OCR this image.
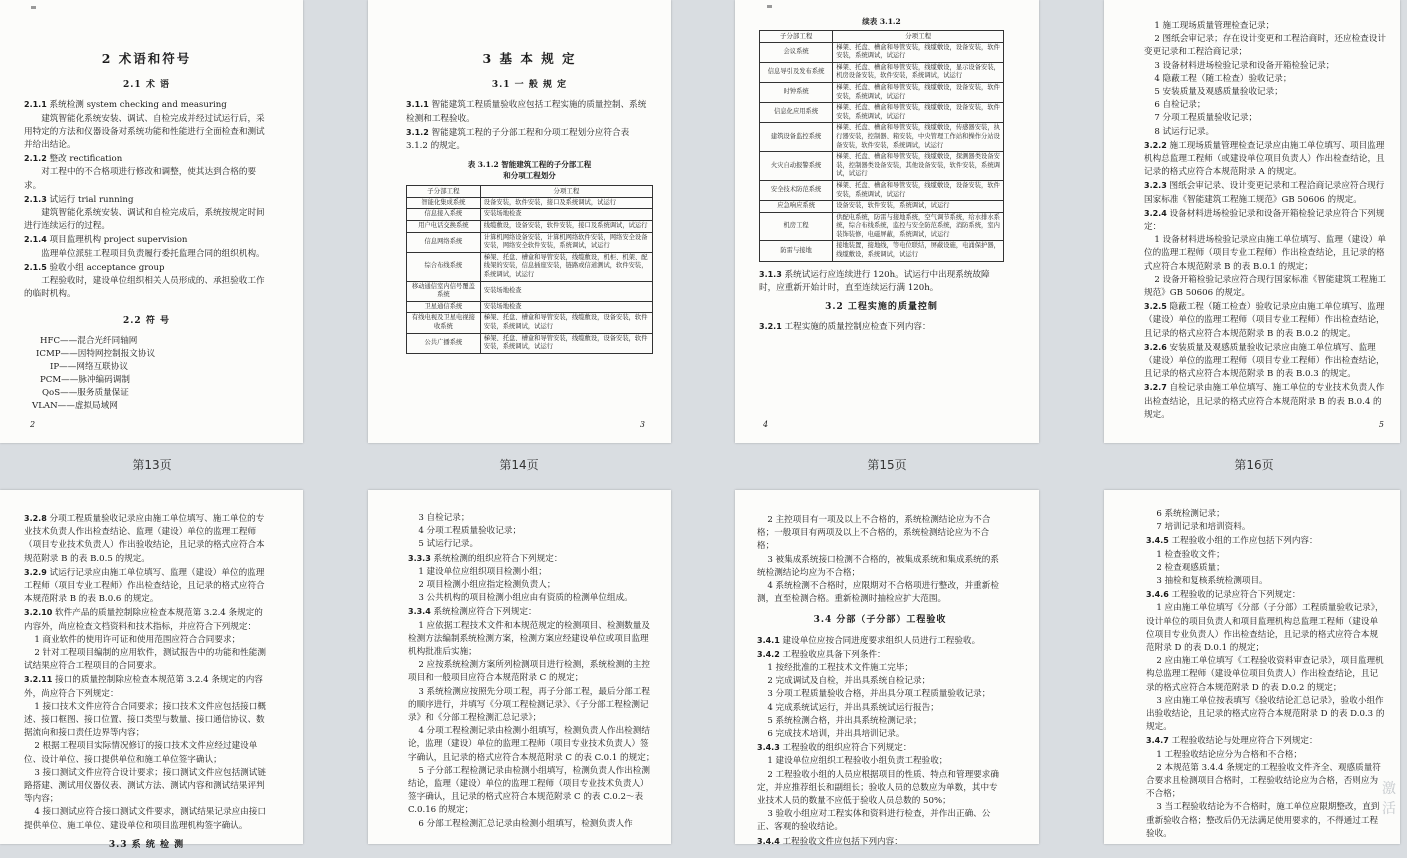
2 术语和符号
2.1 术 语
2.1.1 系统检测 system checking and measuring
建筑智能化系统安装、调试、自检完成并经过试运行后，采用特定的方法和仪器设备对系统功能和性能进行全面检查和测试并给出结论。
2.1.2 整改 rectification
对工程中的不合格项进行修改和调整，使其达到合格的要求。
2.1.3 试运行 trial running
建筑智能化系统安装、调试和自检完成后，系统按规定时间进行连续运行的过程。
2.1.4 项目监理机构 project supervision
监理单位派驻工程项目负责履行委托监理合同的组织机构。
2.1.5 验收小组 acceptance group
工程验收时，建设单位组织相关人员形成的、承担验收工作的临时机构。
2.2 符 号
HFC——混合光纤同轴网
ICMP——因特网控制报文协议
IP——网络互联协议
PCM——脉冲编码调制
QoS——服务质量保证
VLAN——虚拟局域网
2
3 基 本 规 定
3.1 一 般 规 定
3.1.1 智能建筑工程质量验收应包括工程实施的质量控制、系统检测和工程验收。
3.1.2 智能建筑工程的子分部工程和分项工程划分应符合表 3.1.2 的规定。
表 3.1.2 智能建筑工程的子分部工程
和分项工程划分
子分部工程	分项工程
智能化集成系统	设备安装，软件安装，接口及系统调试，试运行
信息接入系统	安装场地检查
用户电话交换系统	线缆敷设，设备安装，软件安装，接口及系统调试，试运行
信息网络系统	计算机网络设备安装，计算机网络软件安装，网络安全设备安装，网络安全软件安装，系统调试，试运行
综合布线系统	梯架、托盘、槽盒和导管安装，线缆敷设，机柜、机架、配线架的安装，信息插座安装，链路或信道测试，软件安装，系统调试，试运行
移动通信室内信号覆盖系统	安装场地检查
卫星通信系统	安装场地检查
有线电视及卫星电视接收系统	梯架、托盘、槽盒和导管安装，线缆敷设，设备安装，软件安装，系统调试，试运行
公共广播系统	梯架、托盘、槽盒和导管安装，线缆敷设，设备安装，软件安装，系统调试，试运行
3
续表 3.1.2
子分部工程	分项工程
会议系统	梯架、托盘、槽盒和导管安装，线缆敷设，设备安装，软件安装，系统调试，试运行
信息导引及发布系统	梯架、托盘、槽盒和导管安装，线缆敷设，显示设备安装，机房设备安装，软件安装，系统调试，试运行
时钟系统	梯架、托盘、槽盒和导管安装，线缆敷设，设备安装，软件安装，系统调试，试运行
信息化应用系统	梯架、托盘、槽盒和导管安装，线缆敷设，设备安装，软件安装，系统调试，试运行
建筑设备监控系统	梯架、托盘、槽盒和导管安装，线缆敷设，传感器安装，执行器安装，控制器、箱安装，中央管理工作站和操作分站设备安装，软件安装，系统调试，试运行
火灾自动报警系统	梯架、托盘、槽盒和导管安装，线缆敷设，探测器类设备安装，控制器类设备安装，其他设备安装，软件安装，系统调试，试运行
安全技术防范系统	梯架、托盘、槽盒和导管安装，线缆敷设，设备安装，软件安装，系统调试，试运行
应急响应系统	设备安装，软件安装，系统调试，试运行
机房工程	供配电系统，防雷与接地系统，空气调节系统，给水排水系统，综合布线系统，监控与安全防范系统，消防系统，室内装饰装修，电磁屏蔽，系统调试，试运行
防雷与接地	接地装置，接地线，等电位联结，屏蔽设施，电涌保护器，线缆敷设，系统调试，试运行
3.1.3 系统试运行应连续进行 120h。试运行中出现系统故障时，应重新开始计时，直至连续运行满 120h。
3.2 工程实施的质量控制
3.2.1 工程实施的质量控制应检查下列内容：
4
1 施工现场质量管理检查记录；
2 图纸会审记录；存在设计变更和工程洽商时，还应检查设计变更记录和工程洽商记录；
3 设备材料进场检验记录和设备开箱检验记录；
4 隐蔽工程（随工检查）验收记录；
5 安装质量及观感质量验收记录；
6 自检记录；
7 分项工程质量验收记录；
8 试运行记录。
3.2.2 施工现场质量管理检查记录应由施工单位填写、项目监理机构总监理工程师（或建设单位项目负责人）作出检查结论，且记录的格式应符合本规范附录 A 的规定。
3.2.3 图纸会审记录、设计变更记录和工程洽商记录应符合现行国家标准《智能建筑工程施工规范》GB 50606 的规定。
3.2.4 设备材料进场检验记录和设备开箱检验记录应符合下列规定：
1 设备材料进场检验记录应由施工单位填写、监理（建设）单位的监理工程师（项目专业工程师）作出检查结论，且记录的格式应符合本规范附录 B 的表 B.0.1 的规定；
2 设备开箱检验记录应符合现行国家标准《智能建筑工程施工规范》GB 50606 的规定。
3.2.5 隐蔽工程（随工检查）验收记录应由施工单位填写、监理（建设）单位的监理工程师（项目专业工程师）作出检查结论，且记录的格式应符合本规范附录 B 的表 B.0.2 的规定。
3.2.6 安装质量及观感质量验收记录应由施工单位填写、监理（建设）单位的监理工程师（项目专业工程师）作出检查结论，且记录的格式应符合本规范附录 B 的表 B.0.3 的规定。
3.2.7 自检记录由施工单位填写、施工单位的专业技术负责人作出检查结论，且记录的格式应符合本规范附录 B 的表 B.0.4 的规定。
5
第13页	第14页	第15页	第16页
3.2.8 分项工程质量验收记录应由施工单位填写、施工单位的专业技术负责人作出检查结论、监理（建设）单位的监理工程师（项目专业技术负责人）作出验收结论，且记录的格式应符合本规范附录 B 的表 B.0.5 的规定。
3.2.9 试运行记录应由施工单位填写、监理（建设）单位的监理工程师（项目专业工程师）作出检查结论，且记录的格式应符合本规范附录 B 的表 B.0.6 的规定。
3.2.10 软件产品的质量控制除应检查本规范第 3.2.4 条规定的内容外，尚应检查文档资料和技术指标，并应符合下列规定：
1 商业软件的使用许可证和使用范围应符合合同要求；
2 针对工程项目编制的应用软件，测试报告中的功能和性能测试结果应符合工程项目的合同要求。
3.2.11 接口的质量控制除应检查本规范第 3.2.4 条规定的内容外，尚应符合下列规定：
1 接口技术文件应符合合同要求；接口技术文件应包括接口概述、接口框图、接口位置、接口类型与数量、接口通信协议、数据流向和接口责任边界等内容；
2 根据工程项目实际情况修订的接口技术文件应经过建设单位、设计单位、接口提供单位和施工单位签字确认；
3 接口测试文件应符合设计要求；接口测试文件应包括测试链路搭建、测试用仪器仪表、测试方法、测试内容和测试结果评判等内容；
4 接口测试应符合接口测试文件要求，测试结果记录应由接口提供单位、施工单位、建设单位和项目监理机构签字确认。
3.3 系 统 检 测
3 自检记录；
4 分项工程质量验收记录；
5 试运行记录。
3.3.3 系统检测的组织应符合下列规定：
1 建设单位应组织项目检测小组；
2 项目检测小组应指定检测负责人；
3 公共机构的项目检测小组应由有资质的检测单位组成。
3.3.4 系统检测应符合下列规定：
1 应依据工程技术文件和本规范规定的检测项目、检测数量及检测方法编制系统检测方案，检测方案应经建设单位或项目监理机构批准后实施；
2 应按系统检测方案所列检测项目进行检测，系统检测的主控项目和一般项目应符合本规范附录 C 的规定；
3 系统检测应按照先分项工程，再子分部工程，最后分部工程的顺序进行，并填写《分项工程检测记录》、《子分部工程检测记录》和《分部工程检测汇总记录》；
4 分项工程检测记录由检测小组填写，检测负责人作出检测结论，监理（建设）单位的监理工程师（项目专业技术负责人）签字确认，且记录的格式应符合本规范附录 C 的表 C.0.1 的规定；
5 子分部工程检测记录由检测小组填写，检测负责人作出检测结论，监理（建设）单位的监理工程师（项目专业技术负责人）签字确认，且记录的格式应符合本规范附录 C 的表 C.0.2～表 C.0.16 的规定；
6 分部工程检测汇总记录由检测小组填写，检测负责人作
2 主控项目有一项及以上不合格的，系统检测结论应为不合格；一般项目有两项及以上不合格的，系统检测结论应为不合格；
3 被集成系统接口检测不合格的，被集成系统和集成系统的系统检测结论均应为不合格；
4 系统检测不合格时，应限期对不合格项进行整改，并重新检测，直至检测合格。重新检测时抽检应扩大范围。
3.4 分部（子分部）工程验收
3.4.1 建设单位应按合同进度要求组织人员进行工程验收。
3.4.2 工程验收应具备下列条件：
1 按经批准的工程技术文件施工完毕；
2 完成调试及自检，并出具系统自检记录；
3 分项工程质量验收合格，并出具分项工程质量验收记录；
4 完成系统试运行，并出具系统试运行报告；
5 系统检测合格，并出具系统检测记录；
6 完成技术培训，并出具培训记录。
3.4.3 工程验收的组织应符合下列规定：
1 建设单位应组织工程验收小组负责工程验收；
2 工程验收小组的人员应根据项目的性质、特点和管理要求确定，并应推荐组长和副组长；验收人员的总数应为单数，其中专业技术人员的数量不应低于验收人员总数的 50%；
3 验收小组应对工程实体和资料进行检查，并作出正确、公正、客观的验收结论。
3.4.4 工程验收文件应包括下列内容：
6 系统检测记录；
7 培训记录和培训资料。
3.4.5 工程验收小组的工作应包括下列内容：
1 检查验收文件；
2 检查观感质量；
3 抽检和复核系统检测项目。
3.4.6 工程验收的记录应符合下列规定：
1 应由施工单位填写《分部（子分部）工程质量验收记录》，设计单位的项目负责人和项目监理机构总监理工程师（建设单位项目专业负责人）作出检查结论，且记录的格式应符合本规范附录 D 的表 D.0.1 的规定；
2 应由施工单位填写《工程验收资料审查记录》，项目监理机构总监理工程师（建设单位项目负责人）作出检查结论，且记录的格式应符合本规范附录 D 的表 D.0.2 的规定；
3 应由施工单位按表填写《验收结论汇总记录》，验收小组作出验收结论，且记录的格式应符合本规范附录 D 的表 D.0.3 的规定。
3.4.7 工程验收结论与处理应符合下列规定：
1 工程验收结论应分为合格和不合格；
2 本规范第 3.4.4 条规定的工程验收文件齐全、观感质量符合要求且检测项目合格时，工程验收结论应为合格，否则应为不合格；
3 当工程验收结论为不合格时，施工单位应限期整改，直到重新验收合格；整改后仍无法满足使用要求的，不得通过工程验收。
激活
